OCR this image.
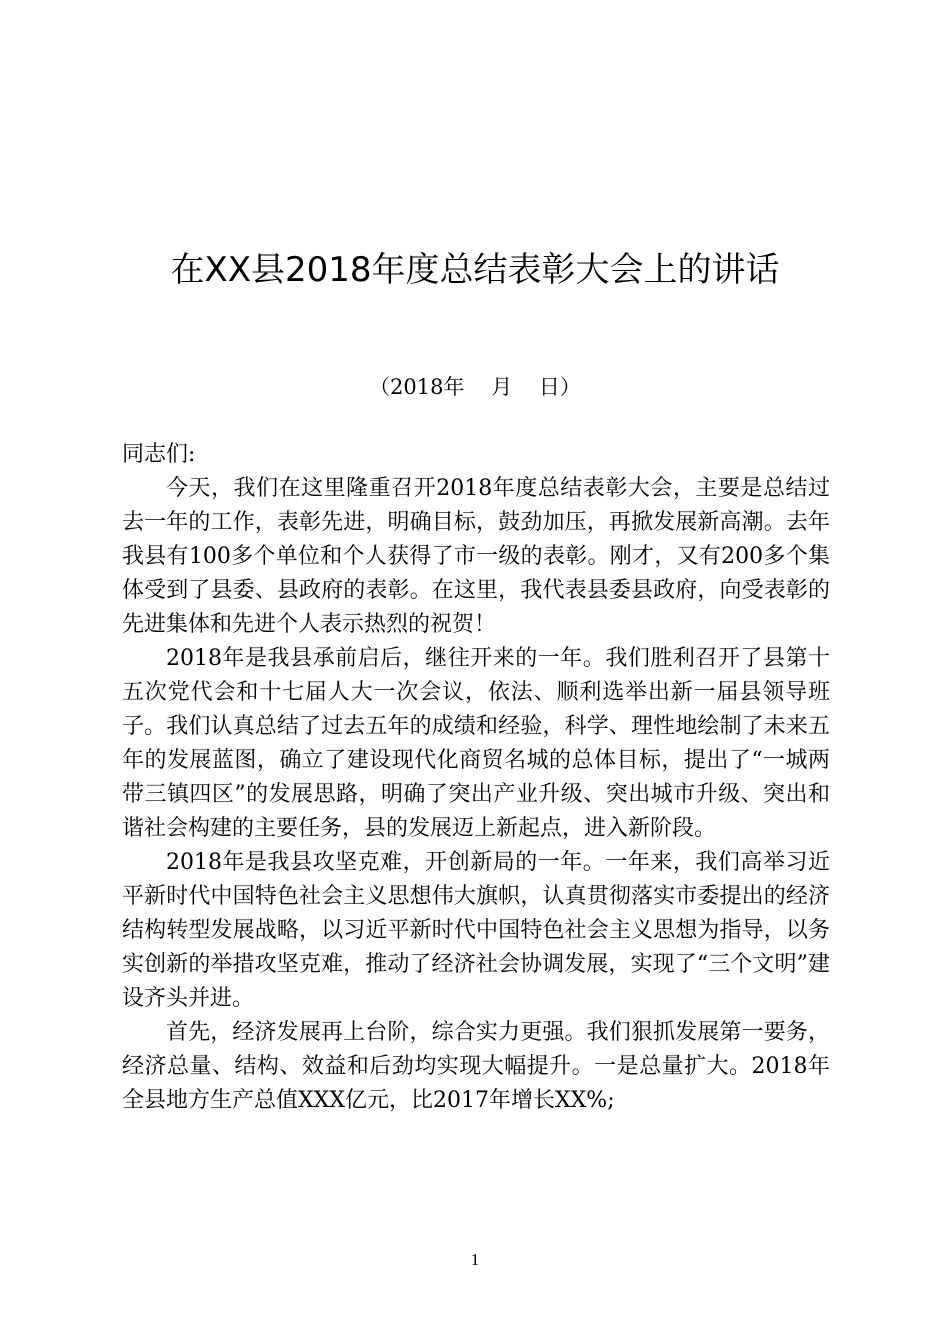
在XX县2018年度总结表彰大会上的讲话
（2018年    月    日）

同志们:

今天，我们在这里隆重召开2018年度总结表彰大会，主要是总结过去一年的工作，表彰先进，明确目标，鼓劲加压，再掀发展新高潮。去年我县有100多个单位和个人获得了市一级的表彰。刚才，又有200多个集体受到了县委、县政府的表彰。在这里，我代表县委县政府，向受表彰的先进集体和先进个人表示热烈的祝贺！

2018年是我县承前启后，继往开来的一年。我们胜利召开了县第十五次党代会和十七届人大一次会议，依法、顺利选举出新一届县领导班子。我们认真总结了过去五年的成绩和经验，科学、理性地绘制了未来五年的发展蓝图，确立了建设现代化商贸名城的总体目标，提出了“一城两带三镇四区”的发展思路，明确了突出产业升级、突出城市升级、突出和谐社会构建的主要任务，县的发展迈上新起点，进入新阶段。

2018年是我县攻坚克难，开创新局的一年。一年来，我们高举习近平新时代中国特色社会主义思想伟大旗帜，认真贯彻落实市委提出的经济结构转型发展战略，以习近平新时代中国特色社会主义思想为指导，以务实创新的举措攻坚克难，推动了经济社会协调发展，实现了“三个文明”建设齐头并进。

首先，经济发展再上台阶，综合实力更强。我们狠抓发展第一要务，经济总量、结构、效益和后劲均实现大幅提升。一是总量扩大。2018年全县地方生产总值XXX亿元，比2017年增长XX%;

1
